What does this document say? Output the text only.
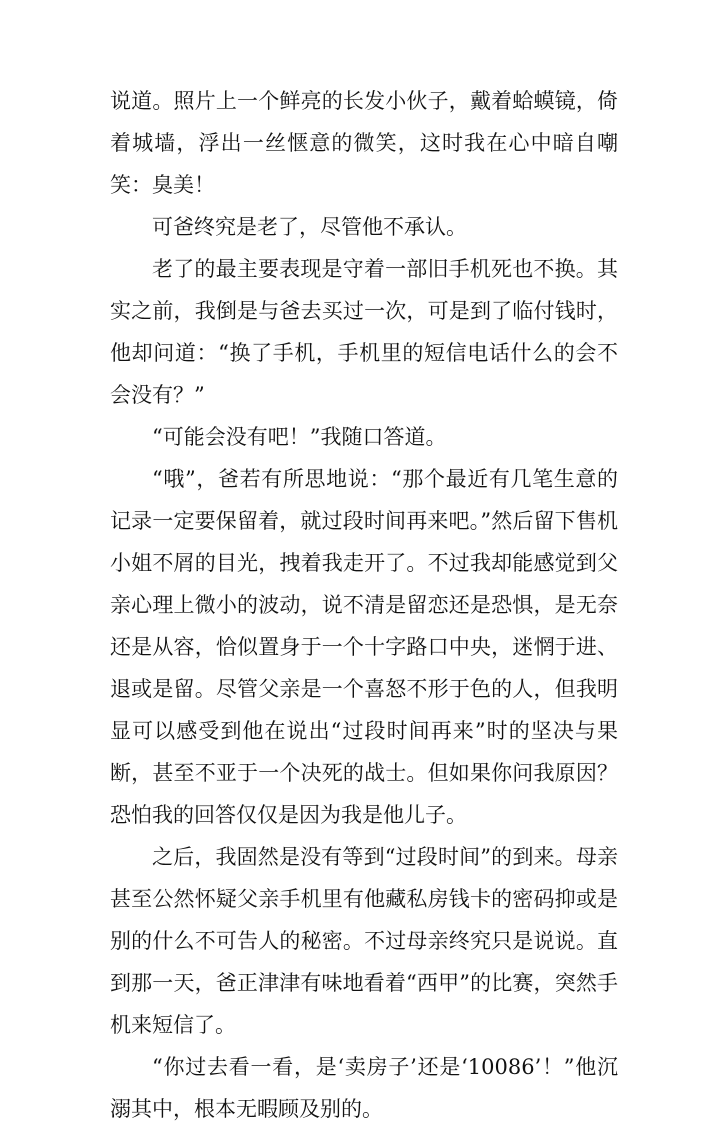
说道。照片上一个鲜亮的长发小伙子，戴着蛤蟆镜，倚着城墙，浮出一丝惬意的微笑，这时我在心中暗自嘲笑：臭美！

可爸终究是老了，尽管他不承认。

老了的最主要表现是守着一部旧手机死也不换。其实之前，我倒是与爸去买过一次，可是到了临付钱时，他却问道：“换了手机，手机里的短信电话什么的会不会没有？”

“可能会没有吧！”我随口答道。

“哦”，爸若有所思地说：“那个最近有几笔生意的记录一定要保留着，就过段时间再来吧。”然后留下售机小姐不屑的目光，拽着我走开了。不过我却能感觉到父亲心理上微小的波动，说不清是留恋还是恐惧，是无奈还是从容，恰似置身于一个十字路口中央，迷惘于进、退或是留。尽管父亲是一个喜怒不形于色的人，但我明显可以感受到他在说出“过段时间再来”时的坚决与果断，甚至不亚于一个决死的战士。但如果你问我原因？恐怕我的回答仅仅是因为我是他儿子。

之后，我固然是没有等到“过段时间”的到来。母亲甚至公然怀疑父亲手机里有他藏私房钱卡的密码抑或是别的什么不可告人的秘密。不过母亲终究只是说说。直到那一天，爸正津津有味地看着“西甲”的比赛，突然手机来短信了。

“你过去看一看，是‘卖房子’还是‘10086’！”他沉溺其中，根本无暇顾及别的。
